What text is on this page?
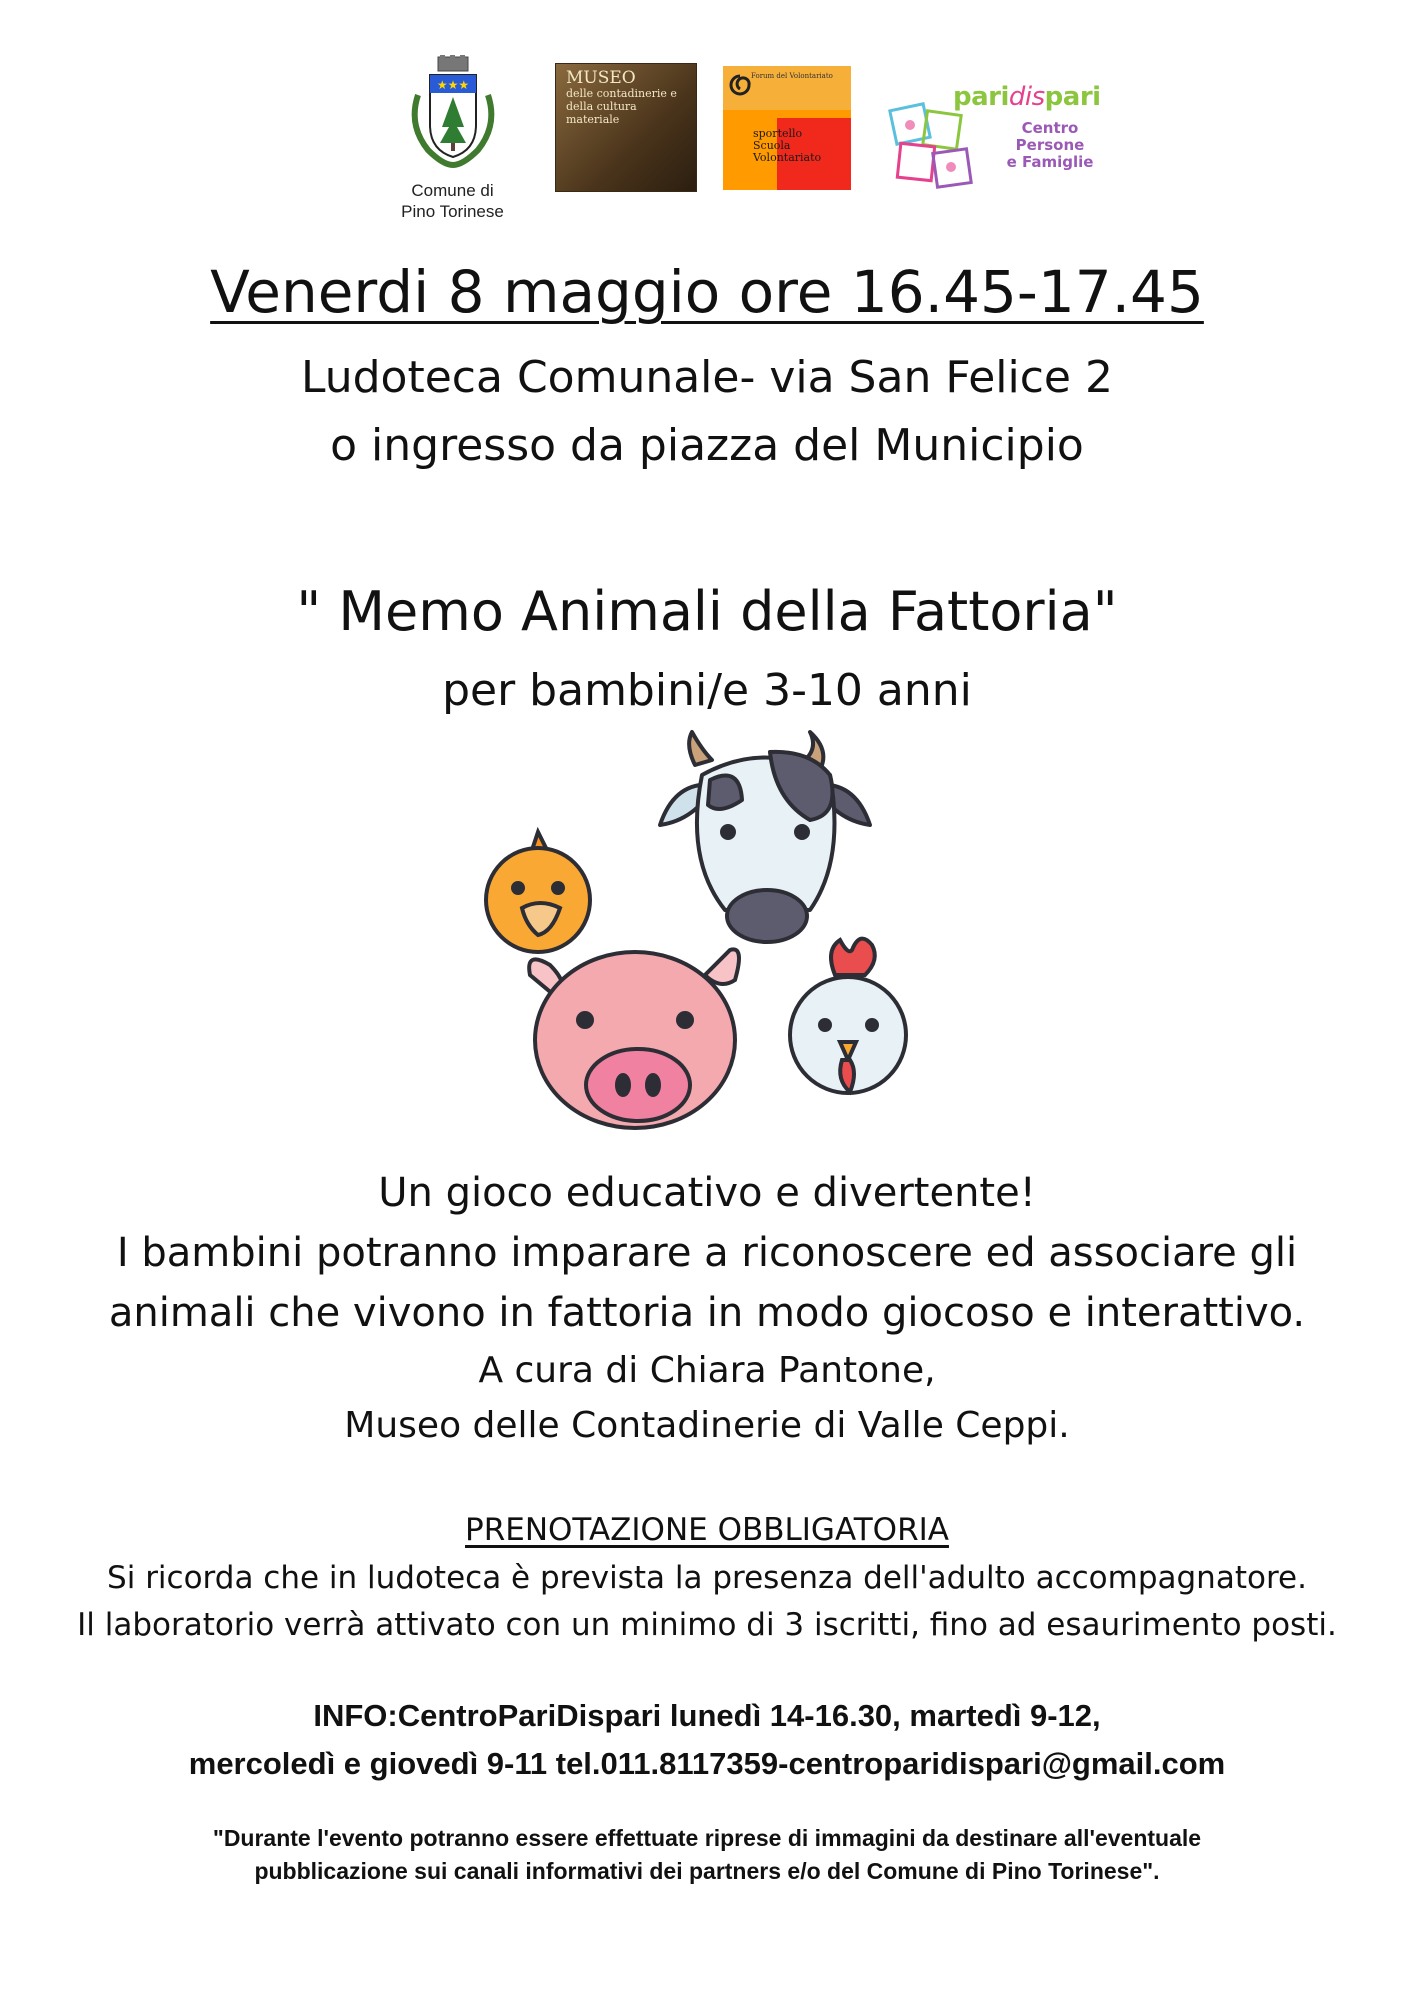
★★★
Comune di
Pino Torinese
MUSEO
delle contadinerie e della cultura materiale
Forum del Volontariato
sportello Scuola Volontariato
paridispari
Centro Persone
e Famiglie
Venerdi 8 maggio ore 16.45-17.45
Ludoteca Comunale- via San Felice 2
o ingresso da piazza del Municipio
" Memo Animali della Fattoria"
per bambini/e 3-10 anni
Un gioco educativo e divertente!
I bambini potranno imparare a riconoscere ed associare gli
animali che vivono in fattoria in modo giocoso e interattivo.
A cura di Chiara Pantone,
Museo delle Contadinerie di Valle Ceppi.
PRENOTAZIONE OBBLIGATORIA
Si ricorda che in ludoteca è prevista la presenza dell'adulto accompagnatore.
Il laboratorio verrà attivato con un minimo di 3 iscritti, fino ad esaurimento posti.
INFO:CentroPariDispari lunedì 14-16.30, martedì 9-12,
mercoledì e giovedì 9-11 tel.011.8117359-centroparidispari@gmail.com
"Durante l'evento potranno essere effettuate riprese di immagini da destinare all'eventuale
pubblicazione sui canali informativi dei partners e/o del Comune di Pino Torinese".
